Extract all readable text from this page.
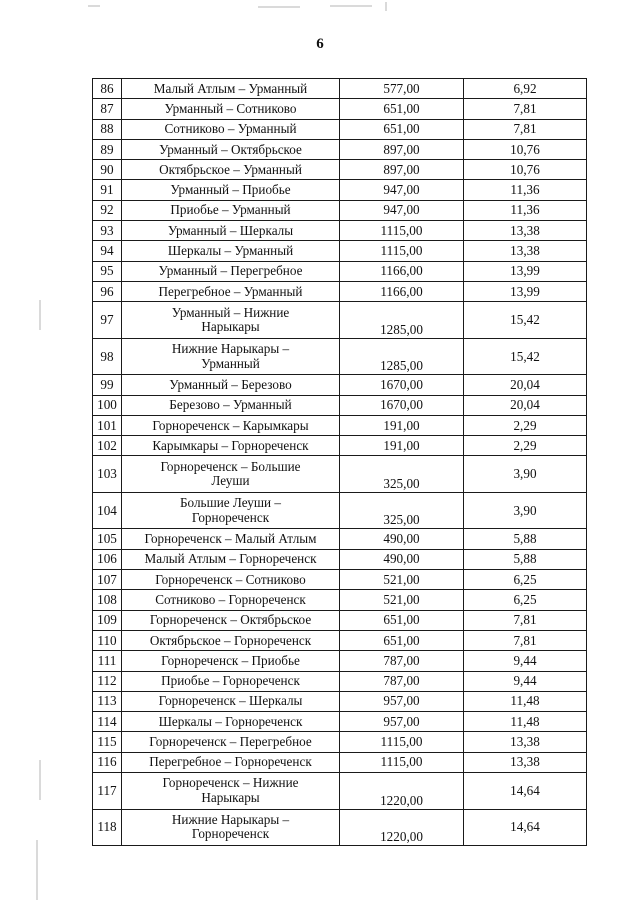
6
86	Малый Атлым – Урманный	577,00	6,92
87	Урманный – Сотниково	651,00	7,81
88	Сотниково – Урманный	651,00	7,81
89	Урманный – Октябрьское	897,00	10,76
90	Октябрьское – Урманный	897,00	10,76
91	Урманный – Приобье	947,00	11,36
92	Приобье – Урманный	947,00	11,36
93	Урманный – Шеркалы	1115,00	13,38
94	Шеркалы – Урманный	1115,00	13,38
95	Урманный – Перегребное	1166,00	13,99
96	Перегребное – Урманный	1166,00	13,99
97	Урманный – Нижние
Нарыкары	1285,00	15,42
98	Нижние Нарыкары –
Урманный	1285,00	15,42
99	Урманный – Березово	1670,00	20,04
100	Березово – Урманный	1670,00	20,04
101	Горнореченск – Карымкары	191,00	2,29
102	Карымкары – Горнореченск	191,00	2,29
103	Горнореченск – Большие
Леуши	325,00	3,90
104	Большие Леуши –
Горнореченск	325,00	3,90
105	Горнореченск – Малый Атлым	490,00	5,88
106	Малый Атлым – Горнореченск	490,00	5,88
107	Горнореченск – Сотниково	521,00	6,25
108	Сотниково – Горнореченск	521,00	6,25
109	Горнореченск – Октябрьское	651,00	7,81
110	Октябрьское – Горнореченск	651,00	7,81
111	Горнореченск – Приобье	787,00	9,44
112	Приобье – Горнореченск	787,00	9,44
113	Горнореченск – Шеркалы	957,00	11,48
114	Шеркалы – Горнореченск	957,00	11,48
115	Горнореченск – Перегребное	1115,00	13,38
116	Перегребное – Горнореченск	1115,00	13,38
117	Горнореченск – Нижние
Нарыкары	1220,00	14,64
118	Нижние Нарыкары –
Горнореченск	1220,00	14,64
